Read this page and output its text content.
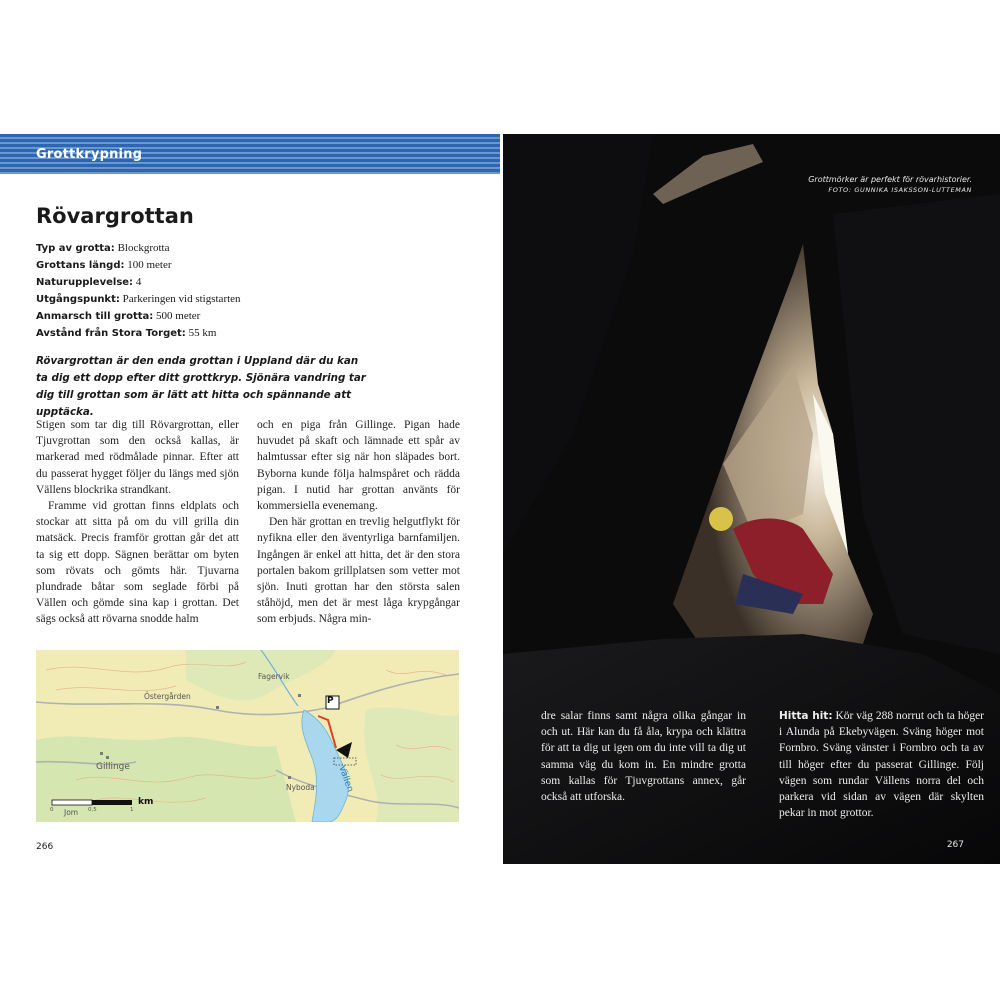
Grottkrypning
Rövargrottan
Typ av grotta: Blockgrotta
Grottans längd: 100 meter
Naturupplevelse: 4
Utgångspunkt: Parkeringen vid stigstarten
Anmarsch till grotta: 500 meter
Avstånd från Stora Torget: 55 km
Rövargrottan är den enda grottan i Uppland där du kan ta dig ett dopp efter ditt grottkryp. Sjönära vandring tar dig till grottan som är lätt att hitta och spännande att upptäcka.

Stigen som tar dig till Rövargrottan, eller Tjuvgrottan som den också kallas, är markerad med rödmålade pinnar. Efter att du passerat hygget följer du längs med sjön Vällens blockrika strandkant.

Framme vid grottan finns eldplats och stockar att sitta på om du vill grilla din matsäck. Precis framför grottan går det att ta sig ett dopp. Sägnen berättar om byten som rövats och gömts här. Tjuvarna plundrade båtar som seglade förbi på Vällen och gömde sina kap i grottan. Det sägs också att rövarna snodde halm

och en piga från Gillinge. Pigan hade huvudet på skaft och lämnade ett spår av halmtussar efter sig när hon släpades bort. Byborna kunde följa halmspåret och rädda pigan. I nutid har grottan använts för kommersiella evenemang.

Den här grottan en trevlig helgutflykt för nyfikna eller den äventyrliga barnfamiljen. Ingången är enkel att hitta, det är den stora portalen bakom grillplatsen som vetter mot sjön. Inuti grottan har den största salen ståhöjd, men det är mest låga krypgångar som erbjuds. Några min-

Östergården
Fagervik
Gillinge	Vällen
Nyboda
Jom
P
0	0,5	1
km
266
Grottmörker är perfekt för rövarhistorier.
FOTO: GUNNIKA ISAKSSON-LUTTEMAN
dre salar finns samt några olika gångar in och ut. Här kan du få åla, krypa och klättra för att ta dig ut igen om du inte vill ta dig ut samma väg du kom in. En mindre grotta som kallas för Tjuvgrottans annex, går också att utforska.
Hitta hit: Kör väg 288 norrut och ta höger i Alunda på Ekebyvägen. Sväng höger mot Fornbro. Sväng vänster i Fornbro och ta av till höger efter du passerat Gillinge. Följ vägen som rundar Vällens norra del och parkera vid sidan av vägen där skylten pekar in mot grottor.
267
